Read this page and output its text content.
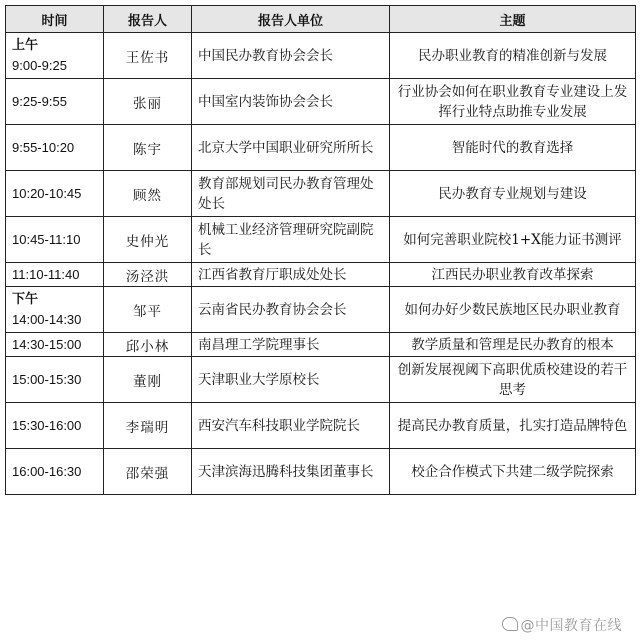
时间	报告人	报告人单位	主题

上午
9:00-9:25	王佐书	中国民办教育协会会长	民办职业教育的精准创新与发展
9:25-9:55	张丽	中国室内装饰协会会长	行业协会如何在职业教育专业建设上发挥行业特点助推专业发展
9:55-10:20	陈宇	北京大学中国职业研究所所长	智能时代的教育选择
10:20-10:45	顾然	教育部规划司民办教育管理处处长	民办教育专业规划与建设
10:45-11:10	史仲光	机械工业经济管理研究院副院长	如何完善职业院校1+X能力证书测评
11:10-11:40	汤泾洪	江西省教育厅职成处处长	江西民办职业教育改革探索

下午
14:00-14:30	邹平	云南省民办教育协会会长	如何办好少数民族地区民办职业教育
14:30-15:00	邱小林	南昌理工学院理事长	教学质量和管理是民办教育的根本
15:00-15:30	董刚	天津职业大学原校长	创新发展视阈下高职优质校建设的若干思考
15:30-16:00	李瑞明	西安汽车科技职业学院院长	提高民办教育质量，扎实打造品牌特色
16:00-16:30	邵荣强	天津滨海迅腾科技集团董事长	校企合作模式下共建二级学院探索
@中国教育在线
